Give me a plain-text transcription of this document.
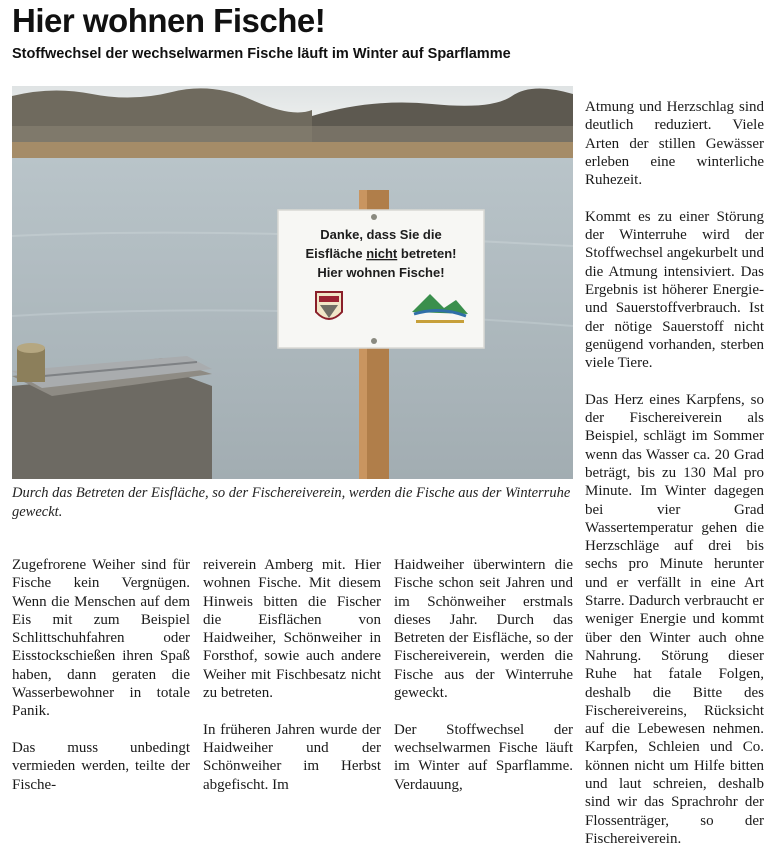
Hier wohnen Fische!
Stoffwechsel der wechselwarmen Fische läuft im Winter auf Sparflamme
Danke, dass Sie die
Eisfläche nicht betreten!
Hier wohnen Fische!

Durch das Betreten der Eisfläche, so der Fischereiverein, werden die Fische aus der Winterruhe geweckt.

Zugefrorene Weiher sind für Fische kein Vergnügen. Wenn die Menschen auf dem Eis mit zum Beispiel Schlittschuhfahren oder Eisstockschießen ihren Spaß haben, dann geraten die Wasserbewohner in totale Panik.

Das muss unbedingt vermieden werden, teilte der Fische-

reiverein Amberg mit. Hier wohnen Fische. Mit diesem Hinweis bitten die Fischer die Eisflächen von Haidweiher, Schönweiher in Forsthof, sowie auch andere Weiher mit Fischbesatz nicht zu betreten.

In früheren Jahren wurde der Haidweiher und der Schönweiher im Herbst abgefischt. Im

Haidweiher überwintern die Fische schon seit Jahren und im Schönweiher erstmals dieses Jahr. Durch das Betreten der Eisfläche, so der Fischereiverein, werden die Fische aus der Winterruhe geweckt.

Der Stoffwechsel der wechselwarmen Fische läuft im Winter auf Sparflamme. Verdauung,

Atmung und Herzschlag sind deutlich reduziert. Viele Arten der stillen Gewässer erleben eine winterliche Ruhezeit.

Kommt es zu einer Störung der Winterruhe wird der Stoffwechsel angekurbelt und die Atmung intensiviert. Das Ergebnis ist höherer Energie- und Sauerstoffverbrauch. Ist der nötige Sauerstoff nicht genügend vorhanden, sterben viele Tiere.

Das Herz eines Karpfens, so der Fischereiverein als Beispiel, schlägt im Sommer wenn das Wasser ca. 20 Grad beträgt, bis zu 130 Mal pro Minute. Im Winter dagegen bei vier Grad Wassertemperatur gehen die Herzschläge auf drei bis sechs pro Minute herunter und er verfällt in eine Art Starre. Dadurch verbraucht er weniger Energie und kommt über den Winter auch ohne Nahrung. Störung dieser Ruhe hat fatale Folgen, deshalb die Bitte des Fischereivereins, Rücksicht auf die Lebewesen nehmen. Karpfen, Schleien und Co. können nicht um Hilfe bitten und laut schreien, deshalb sind wir das Sprachrohr der Flossenträger, so der Fischereiverein.
